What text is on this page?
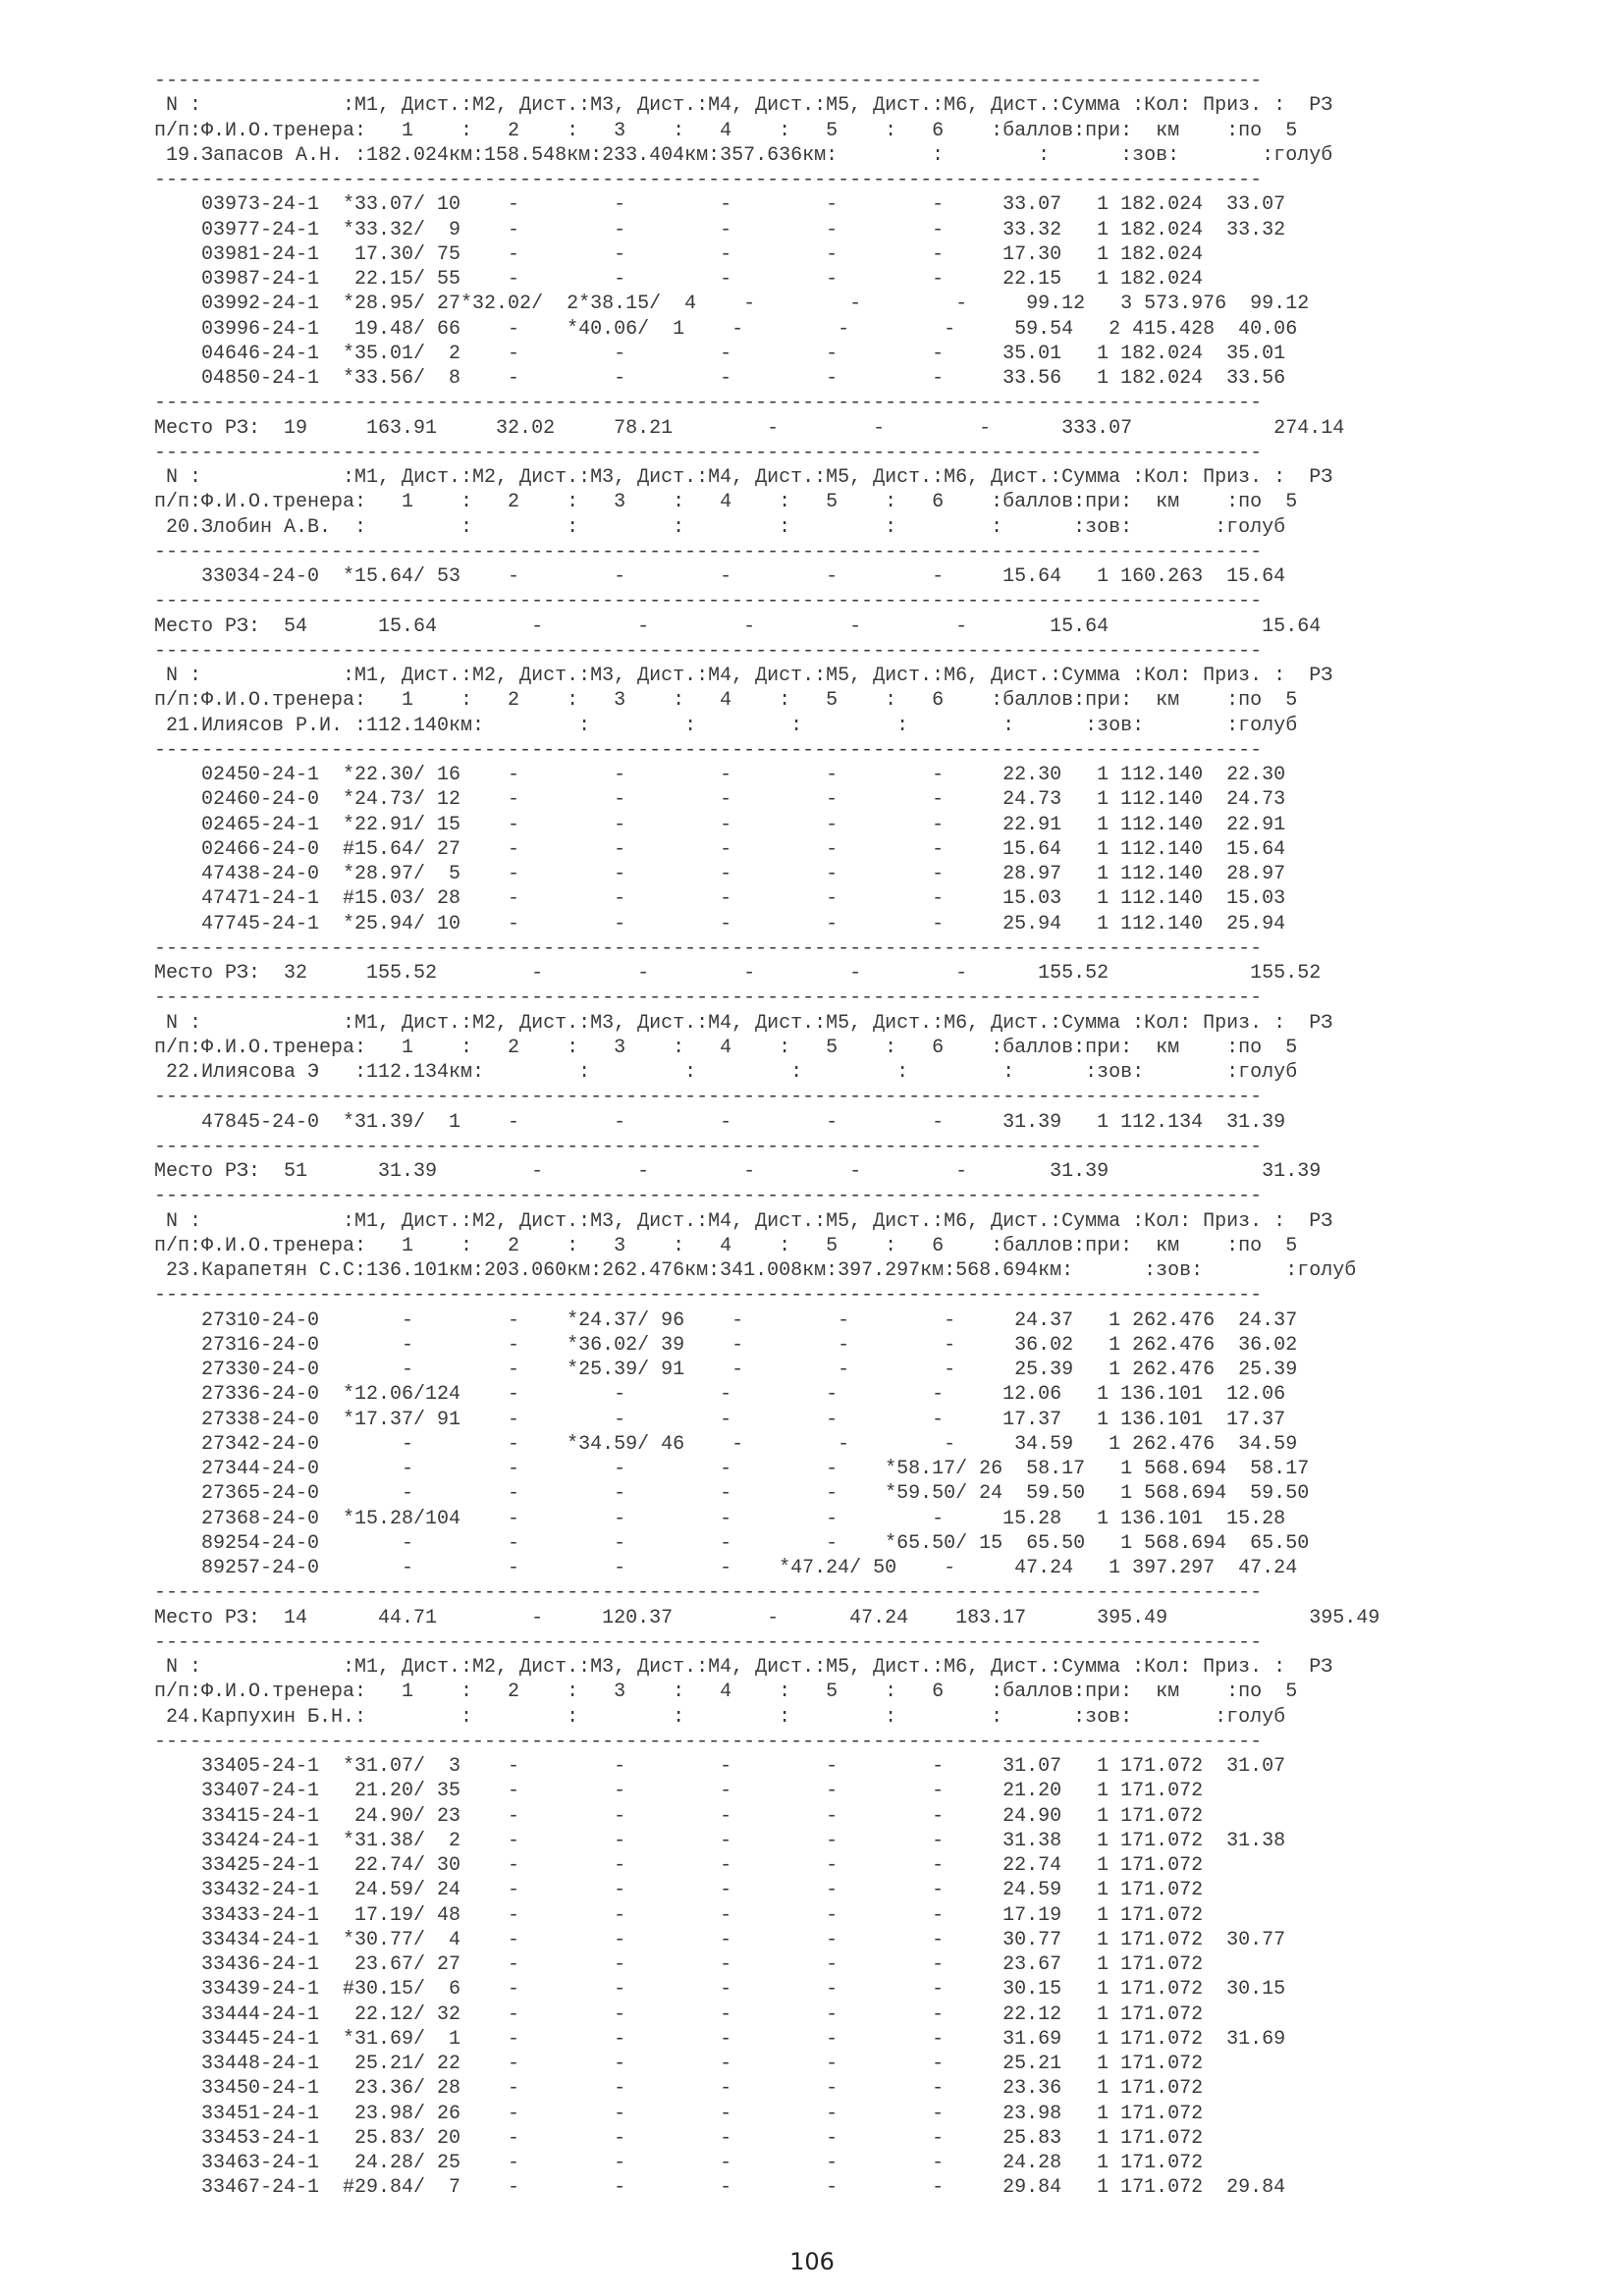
----------------------------------------------------------------------------------------------
N :            :М1, Дист.:М2, Дист.:М3, Дист.:М4, Дист.:М5, Дист.:М6, Дист.:Сумма :Кол: Приз. :  РЗ
п/п:Ф.И.О.тренера:   1    :   2    :   3    :   4    :   5    :   6    :баллов:при:  км    :по  5
19.Запасов А.Н. :182.024км:158.548км:233.404км:357.636км:        :        :      :зов:       :голуб
----------------------------------------------------------------------------------------------
03973-24-1  *33.07/ 10    -        -        -        -        -     33.07   1 182.024  33.07
03977-24-1  *33.32/  9    -        -        -        -        -     33.32   1 182.024  33.32
03981-24-1   17.30/ 75    -        -        -        -        -     17.30   1 182.024
03987-24-1   22.15/ 55    -        -        -        -        -     22.15   1 182.024
03992-24-1  *28.95/ 27*32.02/  2*38.15/  4    -        -        -     99.12   3 573.976  99.12
03996-24-1   19.48/ 66    -    *40.06/  1    -        -        -     59.54   2 415.428  40.06
04646-24-1  *35.01/  2    -        -        -        -        -     35.01   1 182.024  35.01
04850-24-1  *33.56/  8    -        -        -        -        -     33.56   1 182.024  33.56
----------------------------------------------------------------------------------------------
Место РЗ:  19     163.91     32.02     78.21        -        -        -      333.07            274.14
----------------------------------------------------------------------------------------------
N :            :М1, Дист.:М2, Дист.:М3, Дист.:М4, Дист.:М5, Дист.:М6, Дист.:Сумма :Кол: Приз. :  РЗ
п/п:Ф.И.О.тренера:   1    :   2    :   3    :   4    :   5    :   6    :баллов:при:  км    :по  5
20.Злобин А.В.  :        :        :        :        :        :        :      :зов:       :голуб
----------------------------------------------------------------------------------------------
33034-24-0  *15.64/ 53    -        -        -        -        -     15.64   1 160.263  15.64
----------------------------------------------------------------------------------------------
Место РЗ:  54      15.64        -        -        -        -        -       15.64             15.64
----------------------------------------------------------------------------------------------
N :            :М1, Дист.:М2, Дист.:М3, Дист.:М4, Дист.:М5, Дист.:М6, Дист.:Сумма :Кол: Приз. :  РЗ
п/п:Ф.И.О.тренера:   1    :   2    :   3    :   4    :   5    :   6    :баллов:при:  км    :по  5
21.Илиясов Р.И. :112.140км:        :        :        :        :        :      :зов:       :голуб
----------------------------------------------------------------------------------------------
02450-24-1  *22.30/ 16    -        -        -        -        -     22.30   1 112.140  22.30
02460-24-0  *24.73/ 12    -        -        -        -        -     24.73   1 112.140  24.73
02465-24-1  *22.91/ 15    -        -        -        -        -     22.91   1 112.140  22.91
02466-24-0  #15.64/ 27    -        -        -        -        -     15.64   1 112.140  15.64
47438-24-0  *28.97/  5    -        -        -        -        -     28.97   1 112.140  28.97
47471-24-1  #15.03/ 28    -        -        -        -        -     15.03   1 112.140  15.03
47745-24-1  *25.94/ 10    -        -        -        -        -     25.94   1 112.140  25.94
----------------------------------------------------------------------------------------------
Место РЗ:  32     155.52        -        -        -        -        -      155.52            155.52
----------------------------------------------------------------------------------------------
N :            :М1, Дист.:М2, Дист.:М3, Дист.:М4, Дист.:М5, Дист.:М6, Дист.:Сумма :Кол: Приз. :  РЗ
п/п:Ф.И.О.тренера:   1    :   2    :   3    :   4    :   5    :   6    :баллов:при:  км    :по  5
22.Илиясова Э   :112.134км:        :        :        :        :        :      :зов:       :голуб
----------------------------------------------------------------------------------------------
47845-24-0  *31.39/  1    -        -        -        -        -     31.39   1 112.134  31.39
----------------------------------------------------------------------------------------------
Место РЗ:  51      31.39        -        -        -        -        -       31.39             31.39
----------------------------------------------------------------------------------------------
N :            :М1, Дист.:М2, Дист.:М3, Дист.:М4, Дист.:М5, Дист.:М6, Дист.:Сумма :Кол: Приз. :  РЗ
п/п:Ф.И.О.тренера:   1    :   2    :   3    :   4    :   5    :   6    :баллов:при:  км    :по  5
23.Карапетян С.С:136.101км:203.060км:262.476км:341.008км:397.297км:568.694км:      :зов:       :голуб
----------------------------------------------------------------------------------------------
27310-24-0       -        -    *24.37/ 96    -        -        -     24.37   1 262.476  24.37
27316-24-0       -        -    *36.02/ 39    -        -        -     36.02   1 262.476  36.02
27330-24-0       -        -    *25.39/ 91    -        -        -     25.39   1 262.476  25.39
27336-24-0  *12.06/124    -        -        -        -        -     12.06   1 136.101  12.06
27338-24-0  *17.37/ 91    -        -        -        -        -     17.37   1 136.101  17.37
27342-24-0       -        -    *34.59/ 46    -        -        -     34.59   1 262.476  34.59
27344-24-0       -        -        -        -        -    *58.17/ 26  58.17   1 568.694  58.17
27365-24-0       -        -        -        -        -    *59.50/ 24  59.50   1 568.694  59.50
27368-24-0  *15.28/104    -        -        -        -        -     15.28   1 136.101  15.28
89254-24-0       -        -        -        -        -    *65.50/ 15  65.50   1 568.694  65.50
89257-24-0       -        -        -        -    *47.24/ 50    -     47.24   1 397.297  47.24
----------------------------------------------------------------------------------------------
Место РЗ:  14      44.71        -     120.37        -      47.24    183.17      395.49            395.49
----------------------------------------------------------------------------------------------
N :            :М1, Дист.:М2, Дист.:М3, Дист.:М4, Дист.:М5, Дист.:М6, Дист.:Сумма :Кол: Приз. :  РЗ
п/п:Ф.И.О.тренера:   1    :   2    :   3    :   4    :   5    :   6    :баллов:при:  км    :по  5
24.Карпухин Б.Н.:        :        :        :        :        :        :      :зов:       :голуб
----------------------------------------------------------------------------------------------
33405-24-1  *31.07/  3    -        -        -        -        -     31.07   1 171.072  31.07
33407-24-1   21.20/ 35    -        -        -        -        -     21.20   1 171.072
33415-24-1   24.90/ 23    -        -        -        -        -     24.90   1 171.072
33424-24-1  *31.38/  2    -        -        -        -        -     31.38   1 171.072  31.38
33425-24-1   22.74/ 30    -        -        -        -        -     22.74   1 171.072
33432-24-1   24.59/ 24    -        -        -        -        -     24.59   1 171.072
33433-24-1   17.19/ 48    -        -        -        -        -     17.19   1 171.072
33434-24-1  *30.77/  4    -        -        -        -        -     30.77   1 171.072  30.77
33436-24-1   23.67/ 27    -        -        -        -        -     23.67   1 171.072
33439-24-1  #30.15/  6    -        -        -        -        -     30.15   1 171.072  30.15
33444-24-1   22.12/ 32    -        -        -        -        -     22.12   1 171.072
33445-24-1  *31.69/  1    -        -        -        -        -     31.69   1 171.072  31.69
33448-24-1   25.21/ 22    -        -        -        -        -     25.21   1 171.072
33450-24-1   23.36/ 28    -        -        -        -        -     23.36   1 171.072
33451-24-1   23.98/ 26    -        -        -        -        -     23.98   1 171.072
33453-24-1   25.83/ 20    -        -        -        -        -     25.83   1 171.072
33463-24-1   24.28/ 25    -        -        -        -        -     24.28   1 171.072
33467-24-1  #29.84/  7    -        -        -        -        -     29.84   1 171.072  29.84
106
